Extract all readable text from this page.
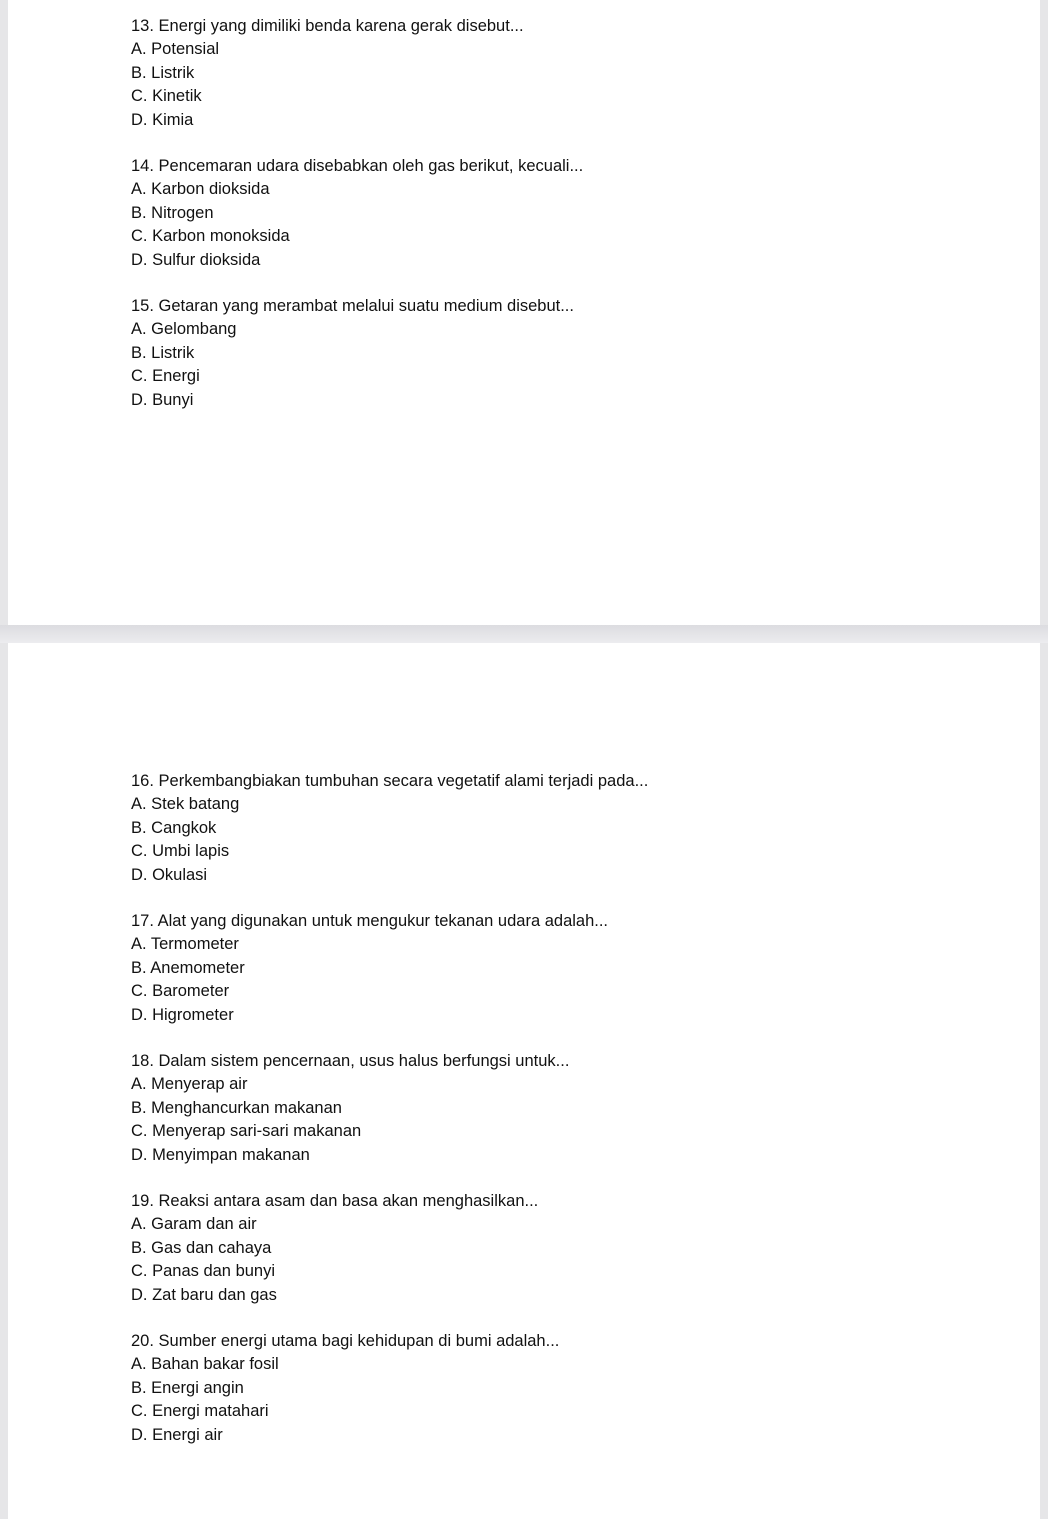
13. Energi yang dimiliki benda karena gerak disebut...
A. Potensial
B. Listrik
C. Kinetik
D. Kimia
14. Pencemaran udara disebabkan oleh gas berikut, kecuali...
A. Karbon dioksida
B. Nitrogen
C. Karbon monoksida
D. Sulfur dioksida
15. Getaran yang merambat melalui suatu medium disebut...
A. Gelombang
B. Listrik
C. Energi
D. Bunyi
16. Perkembangbiakan tumbuhan secara vegetatif alami terjadi pada...
A. Stek batang
B. Cangkok
C. Umbi lapis
D. Okulasi
17. Alat yang digunakan untuk mengukur tekanan udara adalah...
A. Termometer
B. Anemometer
C. Barometer
D. Higrometer
18. Dalam sistem pencernaan, usus halus berfungsi untuk...
A. Menyerap air
B. Menghancurkan makanan
C. Menyerap sari-sari makanan
D. Menyimpan makanan
19. Reaksi antara asam dan basa akan menghasilkan...
A. Garam dan air
B. Gas dan cahaya
C. Panas dan bunyi
D. Zat baru dan gas
20. Sumber energi utama bagi kehidupan di bumi adalah...
A. Bahan bakar fosil
B. Energi angin
C. Energi matahari
D. Energi air
